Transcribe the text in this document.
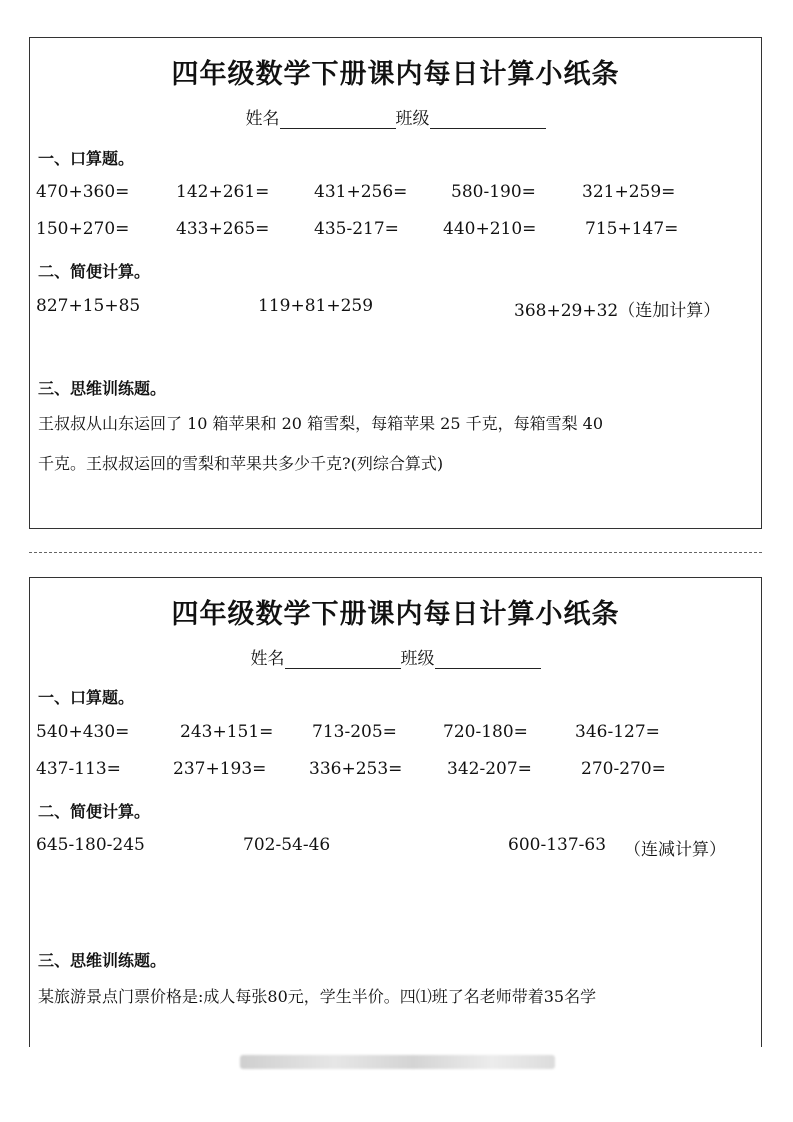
四年级数学下册课内每日计算小纸条
姓名	班级
一、口算题。
470+360=	142+261=	431+256=	580-190=	321+259=
150+270=	433+265=	435-217=	440+210=	715+147=
二、简便计算。
827+15+85	119+81+259	368+29+32（连加计算）
三、思维训练题。
王叔叔从山东运回了 10 箱苹果和 20 箱雪梨，每箱苹果 25 千克，每箱雪梨 40
千克。王叔叔运回的雪梨和苹果共多少千克?(列综合算式)
四年级数学下册课内每日计算小纸条
姓名	班级
一、口算题。
540+430=	243+151= 713-205=	720-180=	346-127=
437-113=	237+193=	336+253=	342-207=	270-270=
二、简便计算。
645-180-245	702-54-46	600-137-63 （连减计算）
三、思维训练题。
某旅游景点门票价格是:成人每张80元，学生半价。四⑴班了名老师带着35名学
